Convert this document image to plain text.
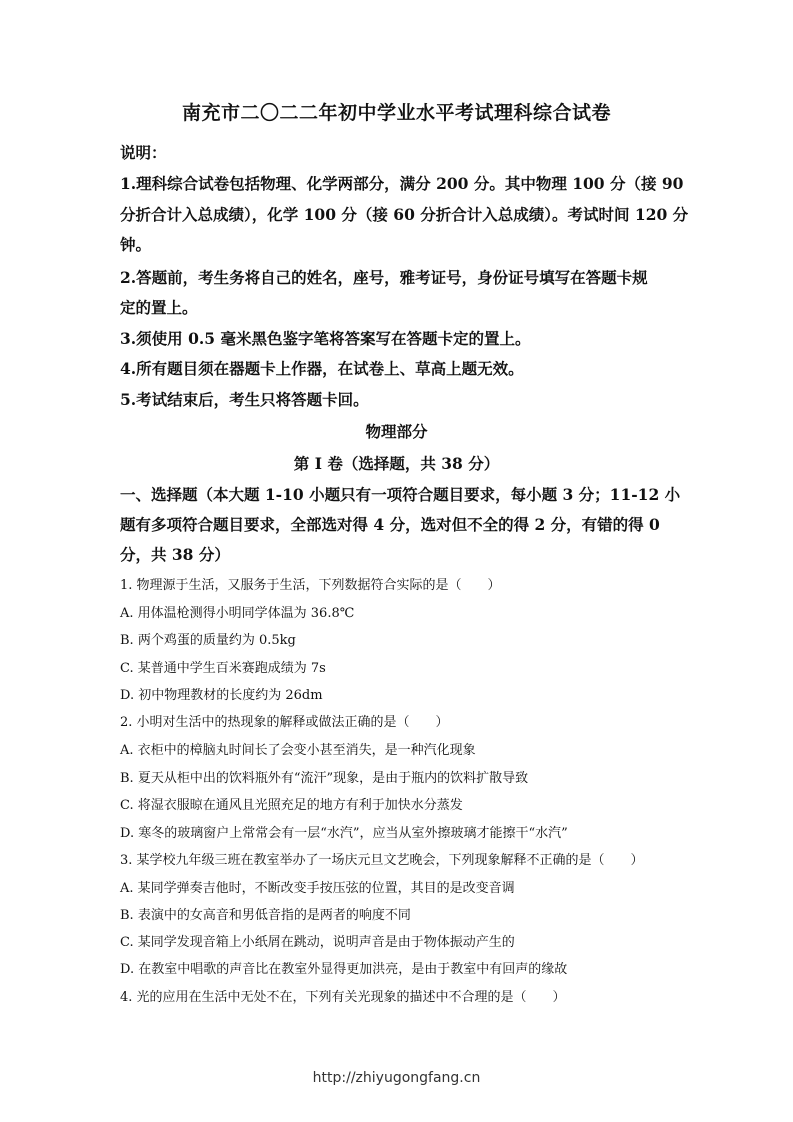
南充市二〇二二年初中学业水平考试理科综合试卷
说明：
1.理科综合试卷包括物理、化学两部分，满分 200 分。其中物理 100 分（接 90
分折合计入总成绩），化学 100 分（接 60 分折合计入总成绩）。考试时间 120 分
钟。
2.答题前，考生务将自己的姓名，座号，雅考证号，身份证号填写在答题卡规
定的置上。
3.须使用 0.5 毫米黑色鉴字笔将答案写在答题卡定的置上。
4.所有题目须在器题卡上作器，在试卷上、草高上题无效。
5.考试结束后，考生只将答题卡回。
物理部分
第 I 卷（选择题，共 38 分）
一、选择题（本大题 1-10 小题只有一项符合题目要求，每小题 3 分；11-12 小
题有多项符合题目要求，全部选对得 4 分，选对但不全的得 2 分，有错的得 0
分，共 38 分）
1. 物理源于生活，又服务于生活，下列数据符合实际的是（　　）
A. 用体温枪测得小明同学体温为 36.8℃
B. 两个鸡蛋的质量约为 0.5kg
C. 某普通中学生百米赛跑成绩为 7s
D. 初中物理教材的长度约为 26dm
2. 小明对生活中的热现象的解释或做法正确的是（　　）
A. 衣柜中的樟脑丸时间长了会变小甚至消失，是一种汽化现象
B. 夏天从柜中出的饮料瓶外有“流汗”现象，是由于瓶内的饮料扩散导致
C. 将湿衣服晾在通风且光照充足的地方有利于加快水分蒸发
D. 寒冬的玻璃窗户上常常会有一层“水汽”，应当从室外擦玻璃才能擦干“水汽”
3. 某学校九年级三班在教室举办了一场庆元旦文艺晚会，下列现象解释不正确的是（　　）
A. 某同学弹奏吉他时，不断改变手按压弦的位置，其目的是改变音调
B. 表演中的女高音和男低音指的是两者的响度不同
C. 某同学发现音箱上小纸屑在跳动，说明声音是由于物体振动产生的
D. 在教室中唱歌的声音比在教室外显得更加洪亮，是由于教室中有回声的缘故
4. 光的应用在生活中无处不在，下列有关光现象的描述中不合理的是（　　）
http://zhiyugongfang.cn
